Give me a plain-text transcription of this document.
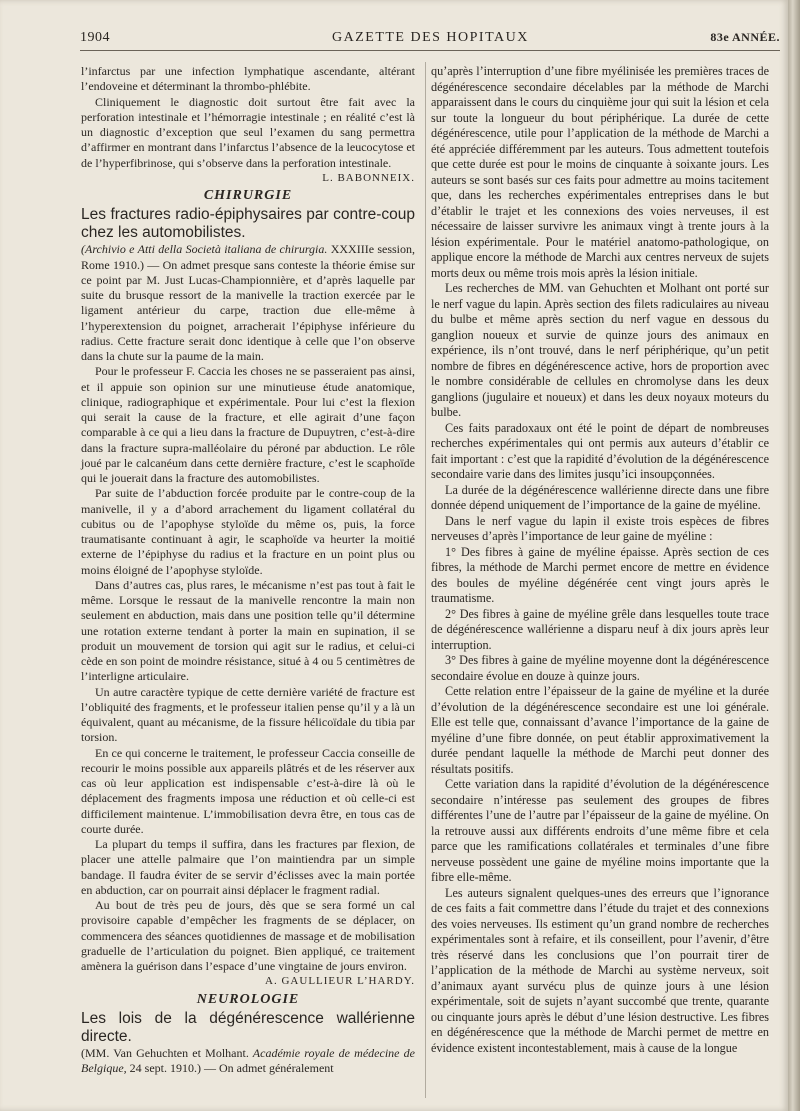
1904	GAZETTE DES HOPITAUX	83e ANNÉE.

l’infarctus par une infection lymphatique ascendante, altérant l’endoveine et déterminant la thrombo-phlébite.

Cliniquement le diagnostic doit surtout être fait avec la perforation intestinale et l’hémorragie intestinale ; en réalité c’est là un diagnostic d’exception que seul l’examen du sang permettra d’affirmer en montrant dans l’infarctus l’absence de la leucocytose et de l’hyperfibrinose, qui s’observe dans la perforation intestinale.

L. BABONNEIX.

CHIRURGIE
Les fractures radio-épiphysaires par contre-coup chez les automobilistes.

(Archivio e Atti della Società italiana de chirurgia. XXXIIIe session, Rome 1910.) — On admet presque sans conteste la théorie émise sur ce point par M. Just Lucas-Championnière, et d’après laquelle par suite du brusque ressort de la manivelle la traction exercée par le ligament antérieur du carpe, traction due elle-même à l’hyperextension du poignet, arracherait l’épiphyse inférieure du radius. Cette fracture serait donc identique à celle que l’on observe dans la chute sur la paume de la main.

Pour le professeur F. Caccia les choses ne se passeraient pas ainsi, et il appuie son opinion sur une minutieuse étude anatomique, clinique, radiographique et expérimentale. Pour lui c’est la flexion qui serait la cause de la fracture, et elle agirait d’une façon comparable à ce qui a lieu dans la fracture de Dupuytren, c’est-à-dire dans la fracture supra-malléolaire du péroné par abduction. Le rôle joué par le calcanéum dans cette dernière fracture, c’est le scaphoïde qui le jouerait dans la fracture des automobilistes.

Par suite de l’abduction forcée produite par le contre-coup de la manivelle, il y a d’abord arrachement du ligament collatéral du cubitus ou de l’apophyse styloïde du même os, puis, la force traumatisante continuant à agir, le scaphoïde va heurter la moitié externe de l’épiphyse du radius et la fracture en un point plus ou moins éloigné de l’apophyse styloïde.

Dans d’autres cas, plus rares, le mécanisme n’est pas tout à fait le même. Lorsque le ressaut de la manivelle rencontre la main non seulement en abduction, mais dans une position telle qu’il détermine une rotation externe tendant à porter la main en supination, il se produit un mouvement de torsion qui agit sur le radius, et celui-ci cède en son point de moindre résistance, situé à 4 ou 5 centimètres de l’interligne articulaire.

Un autre caractère typique de cette dernière variété de fracture est l’obliquité des fragments, et le professeur italien pense qu’il y a là un équivalent, quant au mécanisme, de la fissure hélicoïdale du tibia par torsion.

En ce qui concerne le traitement, le professeur Caccia conseille de recourir le moins possible aux appareils plâtrés et de les réserver aux cas où leur application est indispensable c’est-à-dire là où le déplacement des fragments imposa une réduction et où celle-ci est difficilement maintenue. L’immobilisation devra être, en tous cas de courte durée.

La plupart du temps il suffira, dans les fractures par flexion, de placer une attelle palmaire que l’on maintiendra par un simple bandage. Il faudra éviter de se servir d’éclisses avec la main portée en abduction, car on pourrait ainsi déplacer le fragment radial.

Au bout de très peu de jours, dès que se sera formé un cal provisoire capable d’empêcher les fragments de se déplacer, on commencera des séances quotidiennes de massage et de mobilisation graduelle de l’articulation du poignet. Bien appliqué, ce traitement amènera la guérison dans l’espace d’une vingtaine de jours environ.

A. GAULLIEUR L’HARDY.

NEUROLOGIE
Les lois de la dégénérescence wallérienne directe.

(MM. Van Gehuchten et Molhant. Académie royale de médecine de Belgique, 24 sept. 1910.) — On admet généralement

qu’après l’interruption d’une fibre myélinisée les premières traces de dégénérescence secondaire décelables par la méthode de Marchi apparaissent dans le cours du cinquième jour qui suit la lésion et cela sur toute la longueur du bout périphérique. La durée de cette dégénérescence, utile pour l’application de la méthode de Marchi a été appréciée différemment par les auteurs. Tous admettent toutefois que cette durée est pour le moins de cinquante à soixante jours. Les auteurs se sont basés sur ces faits pour admettre au moins tacitement que, dans les recherches expérimentales entreprises dans le but d’établir le trajet et les connexions des voies nerveuses, il est nécessaire de laisser survivre les animaux vingt à trente jours à la lésion expérimentale. Pour le matériel anatomo-pathologique, on applique encore la méthode de Marchi aux centres nerveux de sujets morts deux ou même trois mois après la lésion initiale.

Les recherches de MM. van Gehuchten et Molhant ont porté sur le nerf vague du lapin. Après section des filets radiculaires au niveau du bulbe et même après section du nerf vague en dessous du ganglion noueux et survie de quinze jours des animaux en expérience, ils n’ont trouvé, dans le nerf périphérique, qu’un petit nombre de fibres en dégénérescence active, hors de proportion avec le nombre considérable de cellules en chromolyse dans les deux ganglions (jugulaire et noueux) et dans les deux noyaux moteurs du bulbe.

Ces faits paradoxaux ont été le point de départ de nombreuses recherches expérimentales qui ont permis aux auteurs d’établir ce fait important : c’est que la rapidité d’évolution de la dégénérescence secondaire varie dans des limites jusqu’ici insoupçonnées.

La durée de la dégénérescence wallérienne directe dans une fibre donnée dépend uniquement de l’importance de la gaine de myéline.

Dans le nerf vague du lapin il existe trois espèces de fibres nerveuses d’après l’importance de leur gaine de myéline :

1° Des fibres à gaine de myéline épaisse. Après section de ces fibres, la méthode de Marchi permet encore de mettre en évidence des boules de myéline dégénérée cent vingt jours après le traumatisme.

2° Des fibres à gaine de myéline grêle dans lesquelles toute trace de dégénérescence wallérienne a disparu neuf à dix jours après leur interruption.

3° Des fibres à gaine de myéline moyenne dont la dégénérescence secondaire évolue en douze à quinze jours.

Cette relation entre l’épaisseur de la gaine de myéline et la durée d’évolution de la dégénérescence secondaire est une loi générale. Elle est telle que, connaissant d’avance l’importance de la gaine de myéline d’une fibre donnée, on peut établir approximativement la durée pendant laquelle la méthode de Marchi peut donner des résultats positifs.

Cette variation dans la rapidité d’évolution de la dégénérescence secondaire n’intéresse pas seulement des groupes de fibres différentes l’une de l’autre par l’épaisseur de la gaine de myéline. On la retrouve aussi aux différents endroits d’une même fibre et cela parce que les ramifications collatérales et terminales d’une fibre nerveuse possèdent une gaine de myéline moins importante que la fibre elle-même.

Les auteurs signalent quelques-unes des erreurs que l’ignorance de ces faits a fait commettre dans l’étude du trajet et des connexions des voies nerveuses. Ils estiment qu’un grand nombre de recherches expérimentales sont à refaire, et ils conseillent, pour l’avenir, d’être très réservé dans les conclusions que l’on pourrait tirer de l’application de la méthode de Marchi au système nerveux, soit d’animaux ayant survécu plus de quinze jours à une lésion expérimentale, soit de sujets n’ayant succombé que trente, quarante ou cinquante jours après le début d’une lésion destructive. Les fibres en dégénérescence que la méthode de Marchi permet de mettre en évidence existent incontestablement, mais à cause de la longue
